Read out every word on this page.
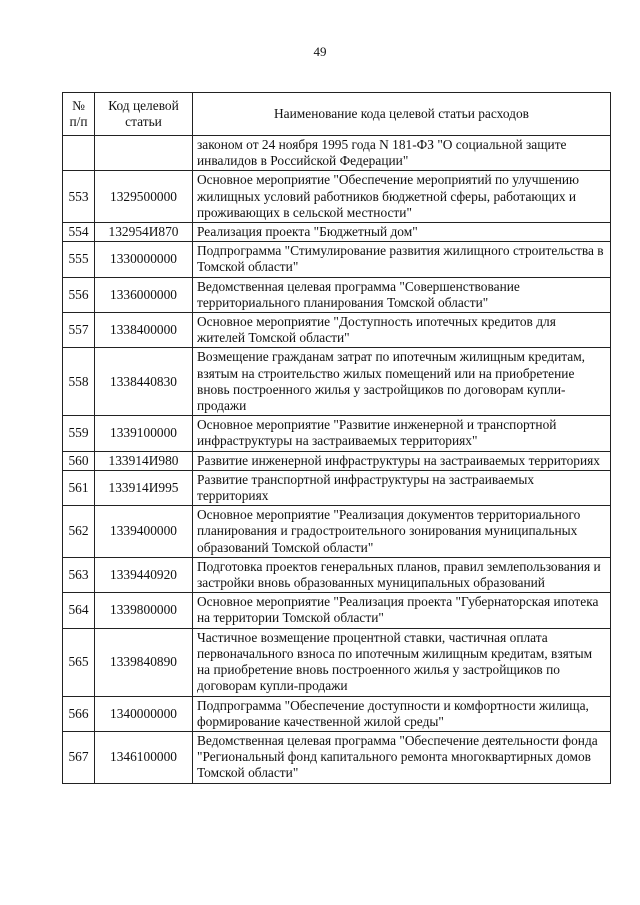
49
№ п/п	Код целевой статьи	Наименование кода целевой статьи расходов
		законом от 24 ноября 1995 года N 181-ФЗ "О социальной защите инвалидов в Российской Федерации"
553	1329500000	Основное мероприятие "Обеспечение мероприятий по улучшению жилищных условий работников бюджетной сферы, работающих и проживающих в сельской местности"
554	132954И870	Реализация проекта "Бюджетный дом"
555	1330000000	Подпрограмма "Стимулирование развития жилищного строительства в Томской области"
556	1336000000	Ведомственная целевая программа "Совершенствование территориального планирования Томской области"
557	1338400000	Основное мероприятие "Доступность ипотечных кредитов для жителей Томской области"
558	1338440830	Возмещение гражданам затрат по ипотечным жилищным кредитам, взятым на строительство жилых помещений или на приобретение вновь построенного жилья у застройщиков по договорам купли-продажи
559	1339100000	Основное мероприятие "Развитие инженерной и транспортной инфраструктуры на застраиваемых территориях"
560	133914И980	Развитие инженерной инфраструктуры на застраиваемых территориях
561	133914И995	Развитие транспортной инфраструктуры на застраиваемых территориях
562	1339400000	Основное мероприятие "Реализация документов территориального планирования и градостроительного зонирования муниципальных образований Томской области"
563	1339440920	Подготовка проектов генеральных планов, правил землепользования и застройки вновь образованных муниципальных образований
564	1339800000	Основное мероприятие "Реализация проекта "Губернаторская ипотека на территории Томской области"
565	1339840890	Частичное возмещение процентной ставки, частичная оплата первоначального взноса по ипотечным жилищным кредитам, взятым на приобретение вновь построенного жилья у застройщиков по договорам купли-продажи
566	1340000000	Подпрограмма "Обеспечение доступности и комфортности жилища, формирование качественной жилой среды"
567	1346100000	Ведомственная целевая программа "Обеспечение деятельности фонда "Региональный фонд капитального ремонта многоквартирных домов Томской области"
